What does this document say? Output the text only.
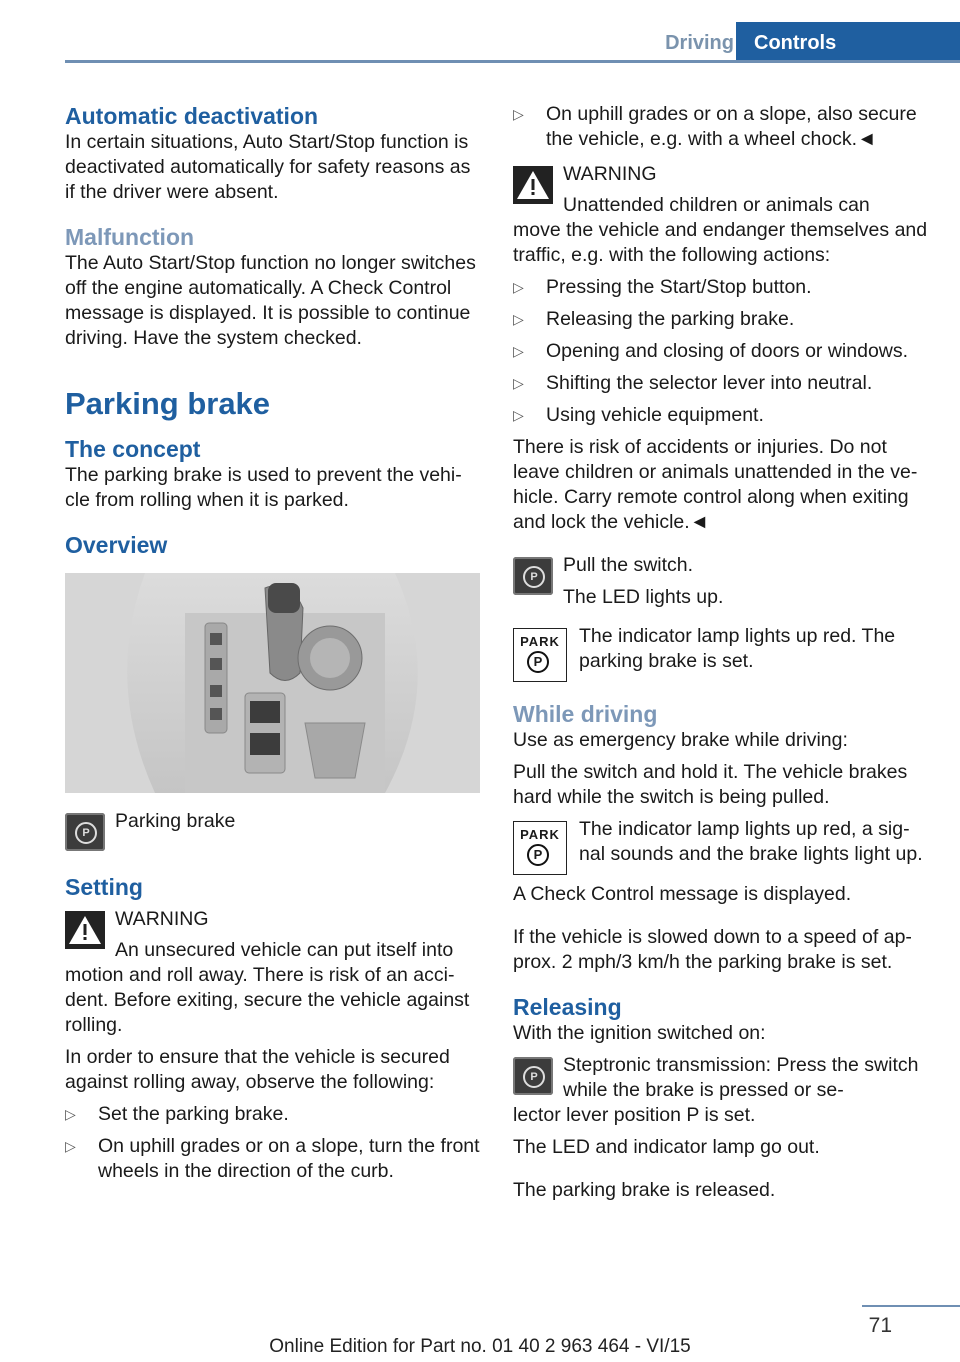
Driving	Controls

Automatic deactivation

In certain situations, Auto Start/Stop function is deactivated automatically for safety reasons as if the driver were absent.

Malfunction

The Auto Start/Stop function no longer switches off the engine automatically. A Check Control message is displayed. It is possible to continue driving. Have the system checked.

Parking brake

The concept

The parking brake is used to prevent the vehi‐ cle from rolling when it is parked.

Overview

P

Parking brake

Setting

WARNING

An unsecured vehicle can put itself into

motion and roll away. There is risk of an acci‐ dent. Before exiting, secure the vehicle against rolling.

In order to ensure that the vehicle is secured against rolling away, observe the following:

▷	Set the parking brake.
▷	On uphill grades or on a slope, turn the front wheels in the direction of the curb.
▷	On uphill grades or on a slope, also secure the vehicle, e.g. with a wheel chock.◄

WARNING

Unattended children or animals can

move the vehicle and endanger themselves and traffic, e.g. with the following actions:

▷	Pressing the Start/Stop button.
▷	Releasing the parking brake.
▷	Opening and closing of doors or windows.
▷	Shifting the selector lever into neutral.
▷	Using vehicle equipment.

There is risk of accidents or injuries. Do not leave children or animals unattended in the ve‐ hicle. Carry remote control along when exiting and lock the vehicle.◄

P

Pull the switch.

The LED lights up.

PARK
P

The indicator lamp lights up red. The parking brake is set.

While driving

Use as emergency brake while driving:

Pull the switch and hold it. The vehicle brakes hard while the switch is being pulled.

PARK
P

The indicator lamp lights up red, a sig‐ nal sounds and the brake lights light up.

A Check Control message is displayed.

If the vehicle is slowed down to a speed of ap‐ prox. 2 mph/3 km/h the parking brake is set.

Releasing

With the ignition switched on:

P

Steptronic transmission: Press the switch while the brake is pressed or se‐

lector lever position P is set.

The LED and indicator lamp go out.

The parking brake is released.

71
Online Edition for Part no. 01 40 2 963 464 - VI/15
